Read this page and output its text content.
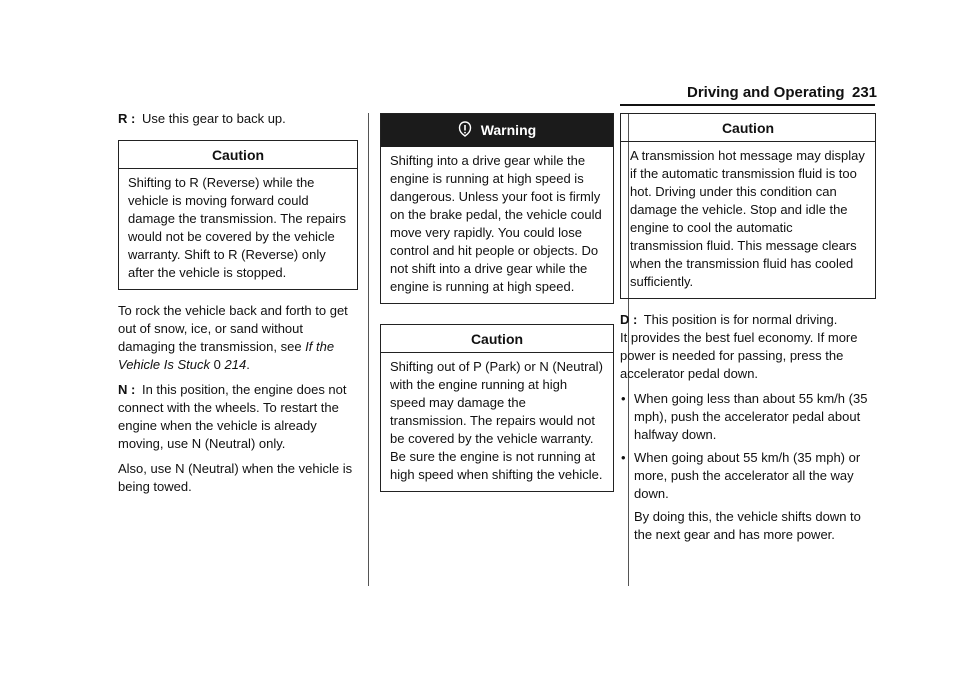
Driving and Operating 231

R : Use this gear to back up.

Caution
Shifting to R (Reverse) while the vehicle is moving forward could damage the transmission. The repairs would not be covered by the vehicle warranty. Shift to R (Reverse) only after the vehicle is stopped.

To rock the vehicle back and forth to get out of snow, ice, or sand without damaging the transmission, see If the Vehicle Is Stuck 0 214.

N : In this position, the engine does not connect with the wheels. To restart the engine when the vehicle is already moving, use N (Neutral) only.

Also, use N (Neutral) when the vehicle is being towed.

Warning
Shifting into a drive gear while the engine is running at high speed is dangerous. Unless your foot is firmly on the brake pedal, the vehicle could move very rapidly. You could lose control and hit people or objects. Do not shift into a drive gear while the engine is running at high speed.
Caution
Shifting out of P (Park) or N (Neutral) with the engine running at high speed may damage the transmission. The repairs would not be covered by the vehicle warranty. Be sure the engine is not running at high speed when shifting the vehicle.
Caution
A transmission hot message may display if the automatic transmission fluid is too hot. Driving under this condition can damage the vehicle. Stop and idle the engine to cool the automatic transmission fluid. This message clears when the transmission fluid has cooled sufficiently.

D : This position is for normal driving.

It provides the best fuel economy. If more power is needed for passing, press the accelerator pedal down.

• When going less than about 55 km/h (35 mph), push the accelerator pedal about halfway down.
• When going about 55 km/h (35 mph) or more, push the accelerator all the way down.

By doing this, the vehicle shifts down to the next gear and has more power.
